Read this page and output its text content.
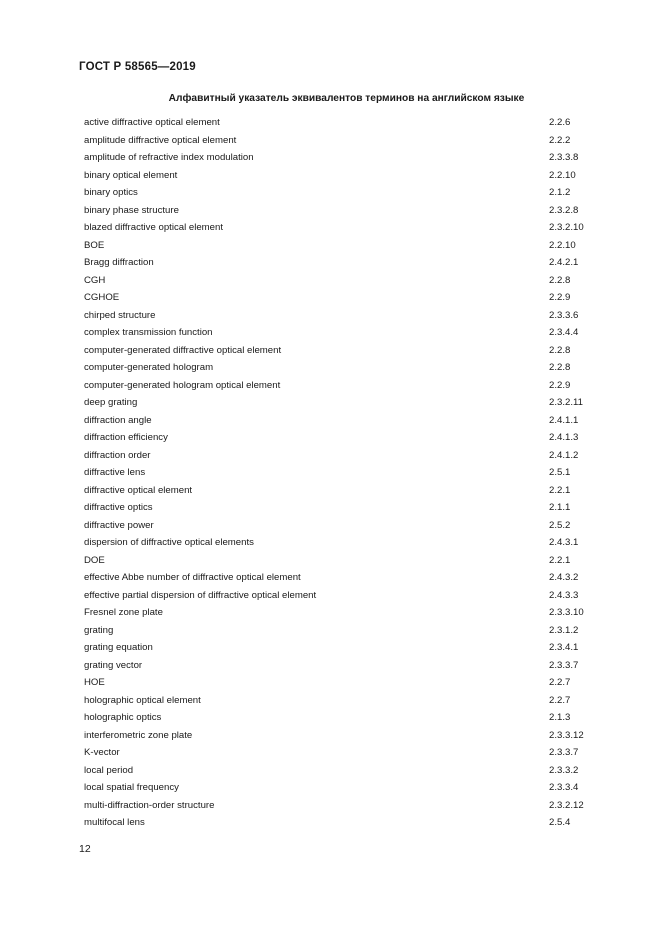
ГОСТ Р 58565—2019
Алфавитный указатель эквивалентов терминов на английском языке
active diffractive optical element	2.2.6
amplitude diffractive optical element	2.2.2
amplitude of refractive index modulation	2.3.3.8
binary optical element	2.2.10
binary optics	2.1.2
binary phase structure	2.3.2.8
blazed diffractive optical element	2.3.2.10
BOE	2.2.10
Bragg diffraction	2.4.2.1
CGH	2.2.8
CGHOE	2.2.9
chirped structure	2.3.3.6
complex transmission function	2.3.4.4
computer-generated diffractive optical element	2.2.8
computer-generated hologram	2.2.8
computer-generated hologram optical element	2.2.9
deep grating	2.3.2.11
diffraction angle	2.4.1.1
diffraction efficiency	2.4.1.3
diffraction order	2.4.1.2
diffractive lens	2.5.1
diffractive optical element	2.2.1
diffractive optics	2.1.1
diffractive power	2.5.2
dispersion of diffractive optical elements	2.4.3.1
DOE	2.2.1
effective Abbe number of diffractive optical element	2.4.3.2
effective partial dispersion of diffractive optical element	2.4.3.3
Fresnel zone plate	2.3.3.10
grating	2.3.1.2
grating equation	2.3.4.1
grating vector	2.3.3.7
HOE	2.2.7
holographic optical element	2.2.7
holographic optics	2.1.3
interferometric zone plate	2.3.3.12
K-vector	2.3.3.7
local period	2.3.3.2
local spatial frequency	2.3.3.4
multi-diffraction-order structure	2.3.2.12
multifocal lens	2.5.4
12
